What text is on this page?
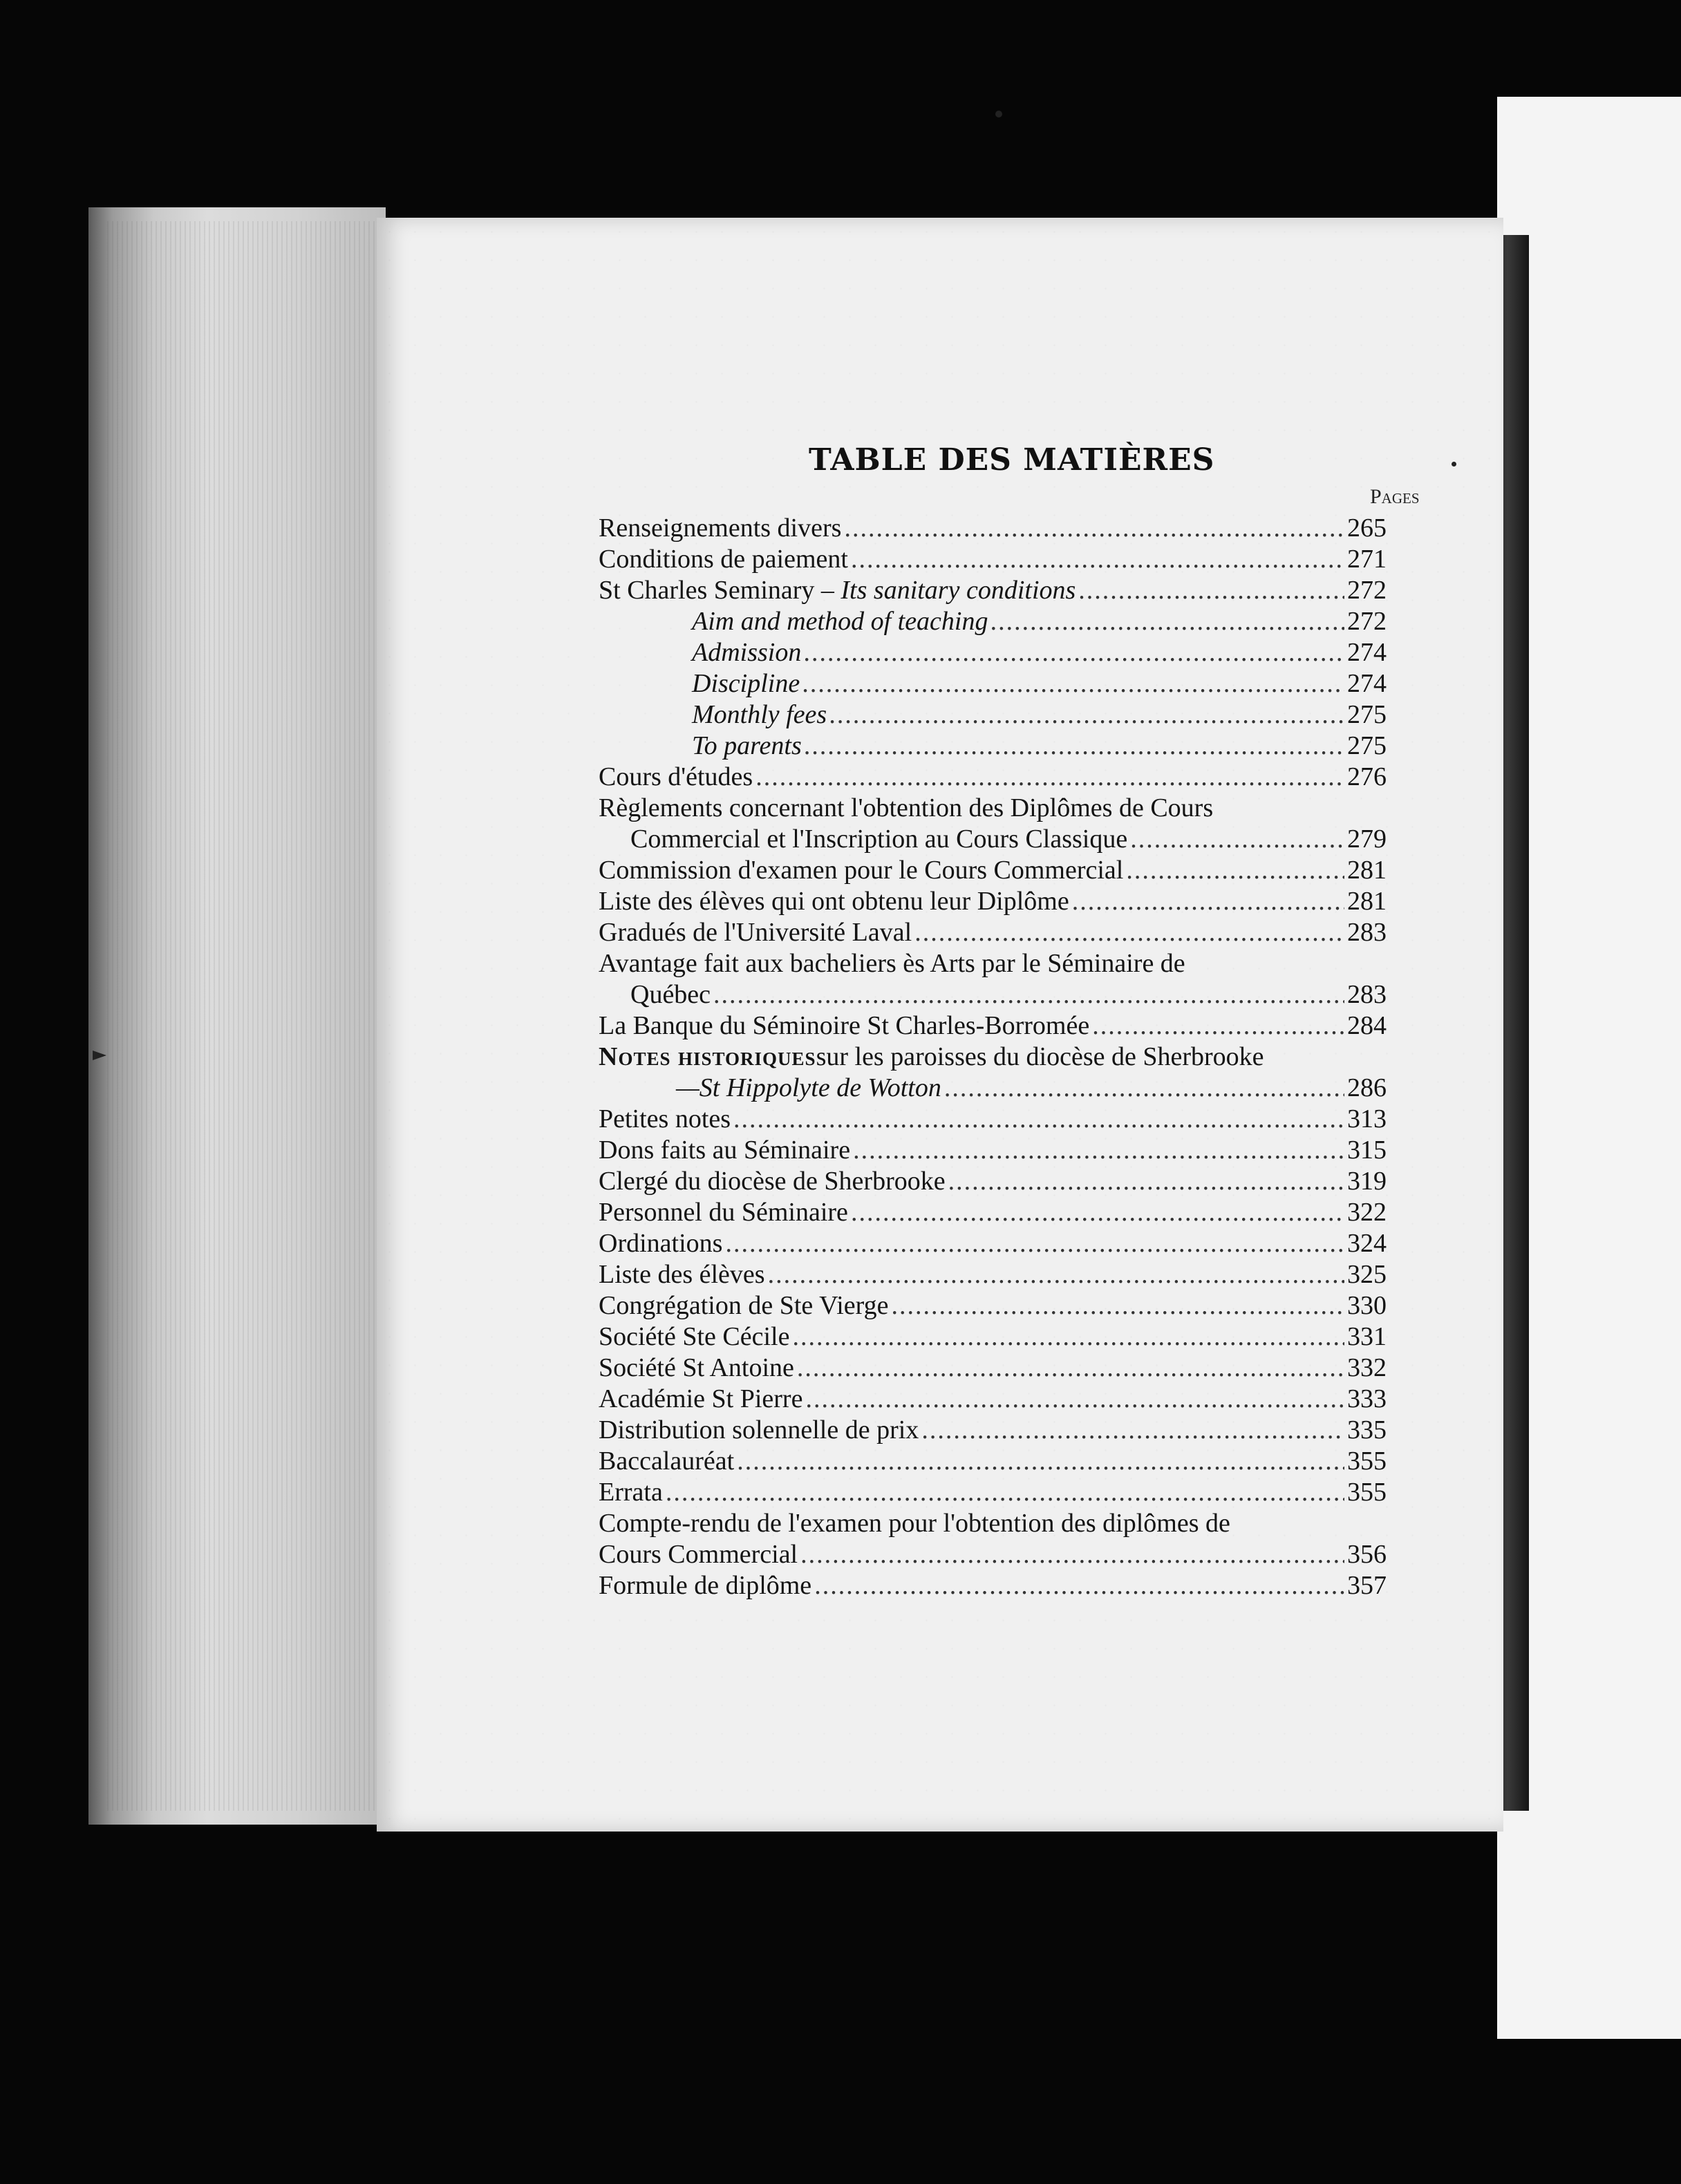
TABLE DES MATIÈRES
Pages
Renseignements divers .....	265
Conditions de paiement .....	271
St Charles Seminary – Its sanitary conditions .....	272
Aim and method of teaching .....	272
Admission .....	274
Discipline .....	274
Monthly fees .....	275
To parents .....	275
Cours d'études .....	276
Règlements concernant l'obtention des Diplômes de Cours
Commercial et l'Inscription au Cours Classique .....	279
Commission d'examen pour le Cours Commercial .....	281
Liste des élèves qui ont obtenu leur Diplôme .....	281
Gradués de l'Université Laval .....	283
Avantage fait aux bacheliers ès Arts par le Séminaire de
Québec .....	283
La Banque du Séminoire St Charles-Borromée .....	284
Notes historiques sur les paroisses du diocèse de Sherbrooke
—St Hippolyte de Wotton .....	286
Petites notes .....	313
Dons faits au Séminaire .....	315
Clergé du diocèse de Sherbrooke .....	319
Personnel du Séminaire .....	322
Ordinations .....	324
Liste des élèves .....	325
Congrégation de Ste Vierge .....	330
Société Ste Cécile .....	331
Société St Antoine .....	332
Académie St Pierre .....	333
Distribution solennelle de prix .....	335
Baccalauréat .....	355
Errata .....	355
Compte-rendu de l'examen pour l'obtention des diplômes de
Cours Commercial .....	356
Formule de diplôme .....	357
